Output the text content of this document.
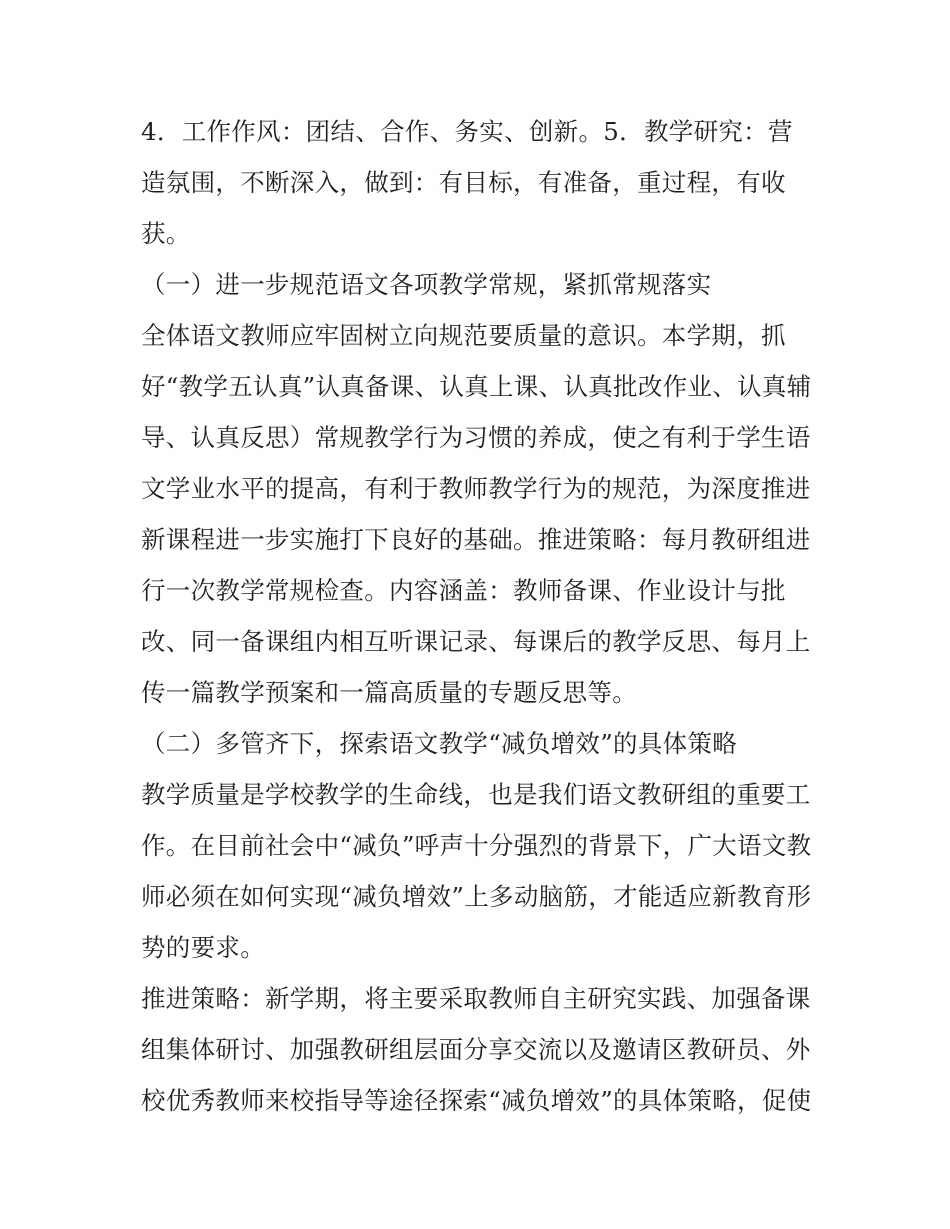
4．工作作风：团结、合作、务实、创新。5．教学研究：营
造氛围，不断深入，做到：有目标，有准备，重过程，有收
获。
（一）进一步规范语文各项教学常规，紧抓常规落实
全体语文教师应牢固树立向规范要质量的意识。本学期，抓
好“教学五认真”认真备课、认真上课、认真批改作业、认真辅
导、认真反思）常规教学行为习惯的养成，使之有利于学生语
文学业水平的提高，有利于教师教学行为的规范，为深度推进
新课程进一步实施打下良好的基础。推进策略：每月教研组进
行一次教学常规检查。内容涵盖：教师备课、作业设计与批
改、同一备课组内相互听课记录、每课后的教学反思、每月上
传一篇教学预案和一篇高质量的专题反思等。
（二）多管齐下，探索语文教学“减负增效”的具体策略
教学质量是学校教学的生命线，也是我们语文教研组的重要工
作。在目前社会中“减负”呼声十分强烈的背景下，广大语文教
师必须在如何实现“减负增效”上多动脑筋，才能适应新教育形
势的要求。
推进策略：新学期，将主要采取教师自主研究实践、加强备课
组集体研讨、加强教研组层面分享交流以及邀请区教研员、外
校优秀教师来校指导等途径探索“减负增效”的具体策略，促使
